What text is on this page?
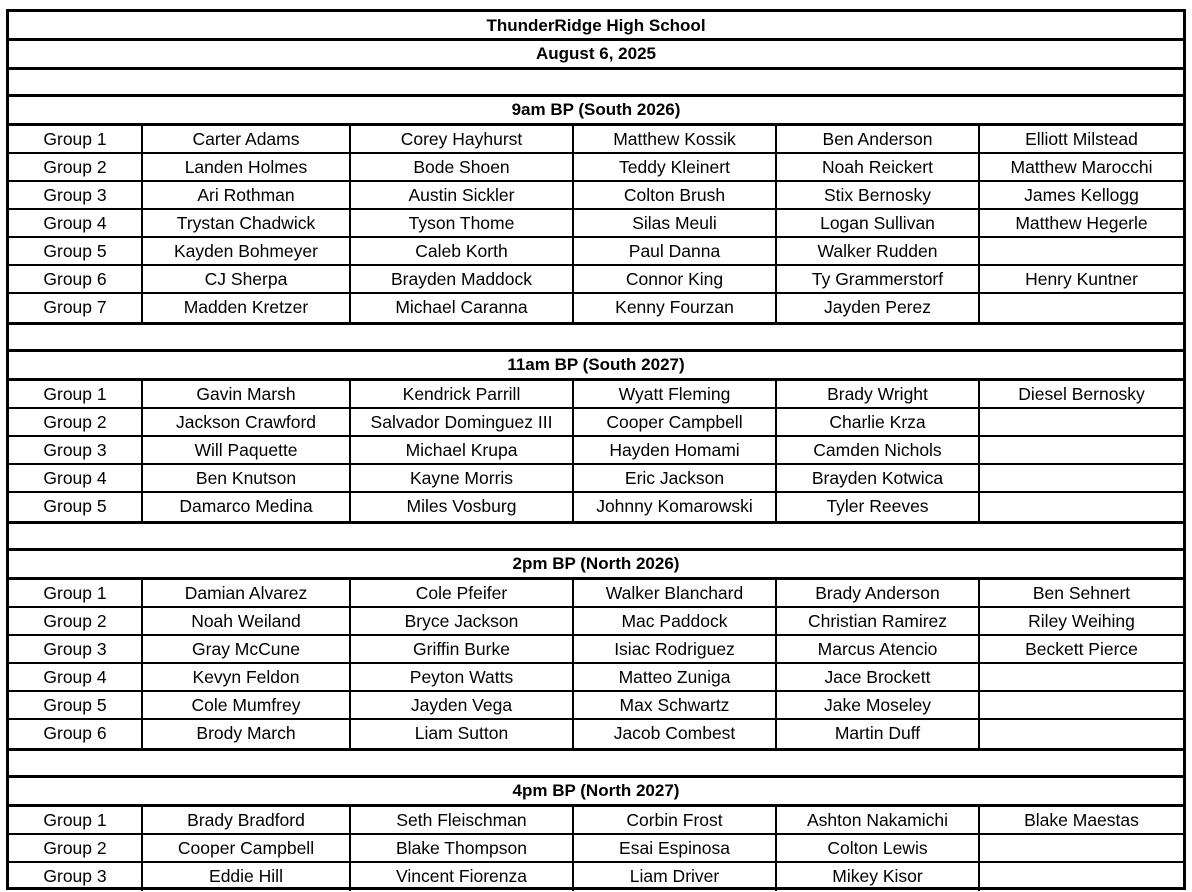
ThunderRidge High School
August 6, 2025
9am BP (South 2026)
Group 1	Carter Adams	Corey Hayhurst	Matthew Kossik	Ben Anderson	Elliott Milstead
Group 2	Landen Holmes	Bode Shoen	Teddy Kleinert	Noah Reickert	Matthew Marocchi
Group 3	Ari Rothman	Austin Sickler	Colton Brush	Stix Bernosky	James Kellogg
Group 4	Trystan Chadwick	Tyson Thome	Silas Meuli	Logan Sullivan	Matthew Hegerle
Group 5	Kayden Bohmeyer	Caleb Korth	Paul Danna	Walker Rudden
Group 6	CJ Sherpa	Brayden Maddock	Connor King	Ty Grammerstorf	Henry Kuntner
Group 7	Madden Kretzer	Michael Caranna	Kenny Fourzan	Jayden Perez
11am BP (South 2027)
Group 1	Gavin Marsh	Kendrick Parrill	Wyatt Fleming	Brady Wright	Diesel Bernosky
Group 2	Jackson Crawford	Salvador Dominguez III	Cooper Campbell	Charlie Krza
Group 3	Will Paquette	Michael Krupa	Hayden Homami	Camden Nichols
Group 4	Ben Knutson	Kayne Morris	Eric Jackson	Brayden Kotwica
Group 5	Damarco Medina	Miles Vosburg	Johnny Komarowski	Tyler Reeves
2pm BP (North 2026)
Group 1	Damian Alvarez	Cole Pfeifer	Walker Blanchard	Brady Anderson	Ben Sehnert
Group 2	Noah Weiland	Bryce Jackson	Mac Paddock	Christian Ramirez	Riley Weihing
Group 3	Gray McCune	Griffin Burke	Isiac Rodriguez	Marcus Atencio	Beckett Pierce
Group 4	Kevyn Feldon	Peyton Watts	Matteo Zuniga	Jace Brockett
Group 5	Cole Mumfrey	Jayden Vega	Max Schwartz	Jake Moseley
Group 6	Brody March	Liam Sutton	Jacob Combest	Martin Duff
4pm BP (North 2027)
Group 1	Brady Bradford	Seth Fleischman	Corbin Frost	Ashton Nakamichi	Blake Maestas
Group 2	Cooper Campbell	Blake Thompson	Esai Espinosa	Colton Lewis
Group 3	Eddie Hill	Vincent Fiorenza	Liam Driver	Mikey Kisor
